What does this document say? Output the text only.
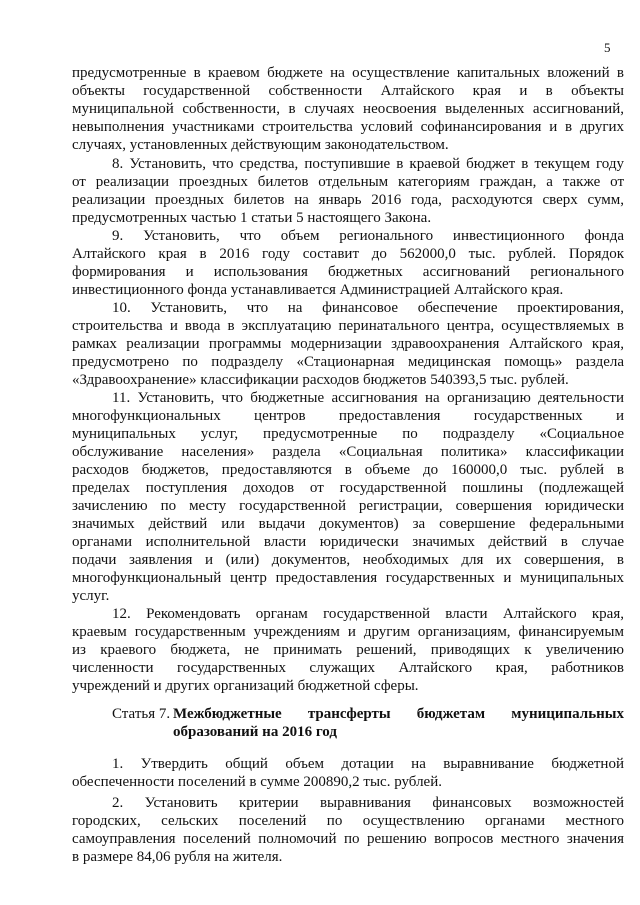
5
предусмотренные в краевом бюджете на осуществление капитальных вложений в
объекты государственной собственности Алтайского края и в объекты
муниципальной собственности, в случаях неосвоения выделенных ассигнований,
невыполнения участниками строительства условий софинансирования и в других
случаях, установленных действующим законодательством.
8. Установить, что средства, поступившие в краевой бюджет в текущем году
от реализации проездных билетов отдельным категориям граждан, а также от
реализации проездных билетов на январь 2016 года, расходуются сверх сумм,
предусмотренных частью 1 статьи 5 настоящего Закона.
9. Установить, что объем регионального инвестиционного фонда
Алтайского края в 2016 году составит до 562000,0 тыс. рублей. Порядок
формирования и использования бюджетных ассигнований регионального
инвестиционного фонда устанавливается Администрацией Алтайского края.
10. Установить, что на финансовое обеспечение проектирования,
строительства и ввода в эксплуатацию перинатального центра, осуществляемых в
рамках реализации программы модернизации здравоохранения Алтайского края,
предусмотрено по подразделу «Стационарная медицинская помощь» раздела
«Здравоохранение» классификации расходов бюджетов 540393,5 тыс. рублей.
11. Установить, что бюджетные ассигнования на организацию деятельности
многофункциональных центров предоставления государственных и
муниципальных услуг, предусмотренные по подразделу «Социальное
обслуживание населения» раздела «Социальная политика» классификации
расходов бюджетов, предоставляются в объеме до 160000,0 тыс. рублей в
пределах поступления доходов от государственной пошлины (подлежащей
зачислению по месту государственной регистрации, совершения юридически
значимых действий или выдачи документов) за совершение федеральными
органами исполнительной власти юридически значимых действий в случае
подачи заявления и (или) документов, необходимых для их совершения, в
многофункциональный центр предоставления государственных и муниципальных
услуг.
12. Рекомендовать органам государственной власти Алтайского края,
краевым государственным учреждениям и другим организациям, финансируемым
из краевого бюджета, не принимать решений, приводящих к увеличению
численности государственных служащих Алтайского края, работников
учреждений и других организаций бюджетной сферы.
Статья 7. Межбюджетные трансферты бюджетам муниципальных
образований на 2016 год
1. Утвердить общий объем дотации на выравнивание бюджетной
обеспеченности поселений в сумме 200890,2 тыс. рублей.
2. Установить критерии выравнивания финансовых возможностей
городских, сельских поселений по осуществлению органами местного
самоуправления поселений полномочий по решению вопросов местного значения
в размере 84,06 рубля на жителя.
